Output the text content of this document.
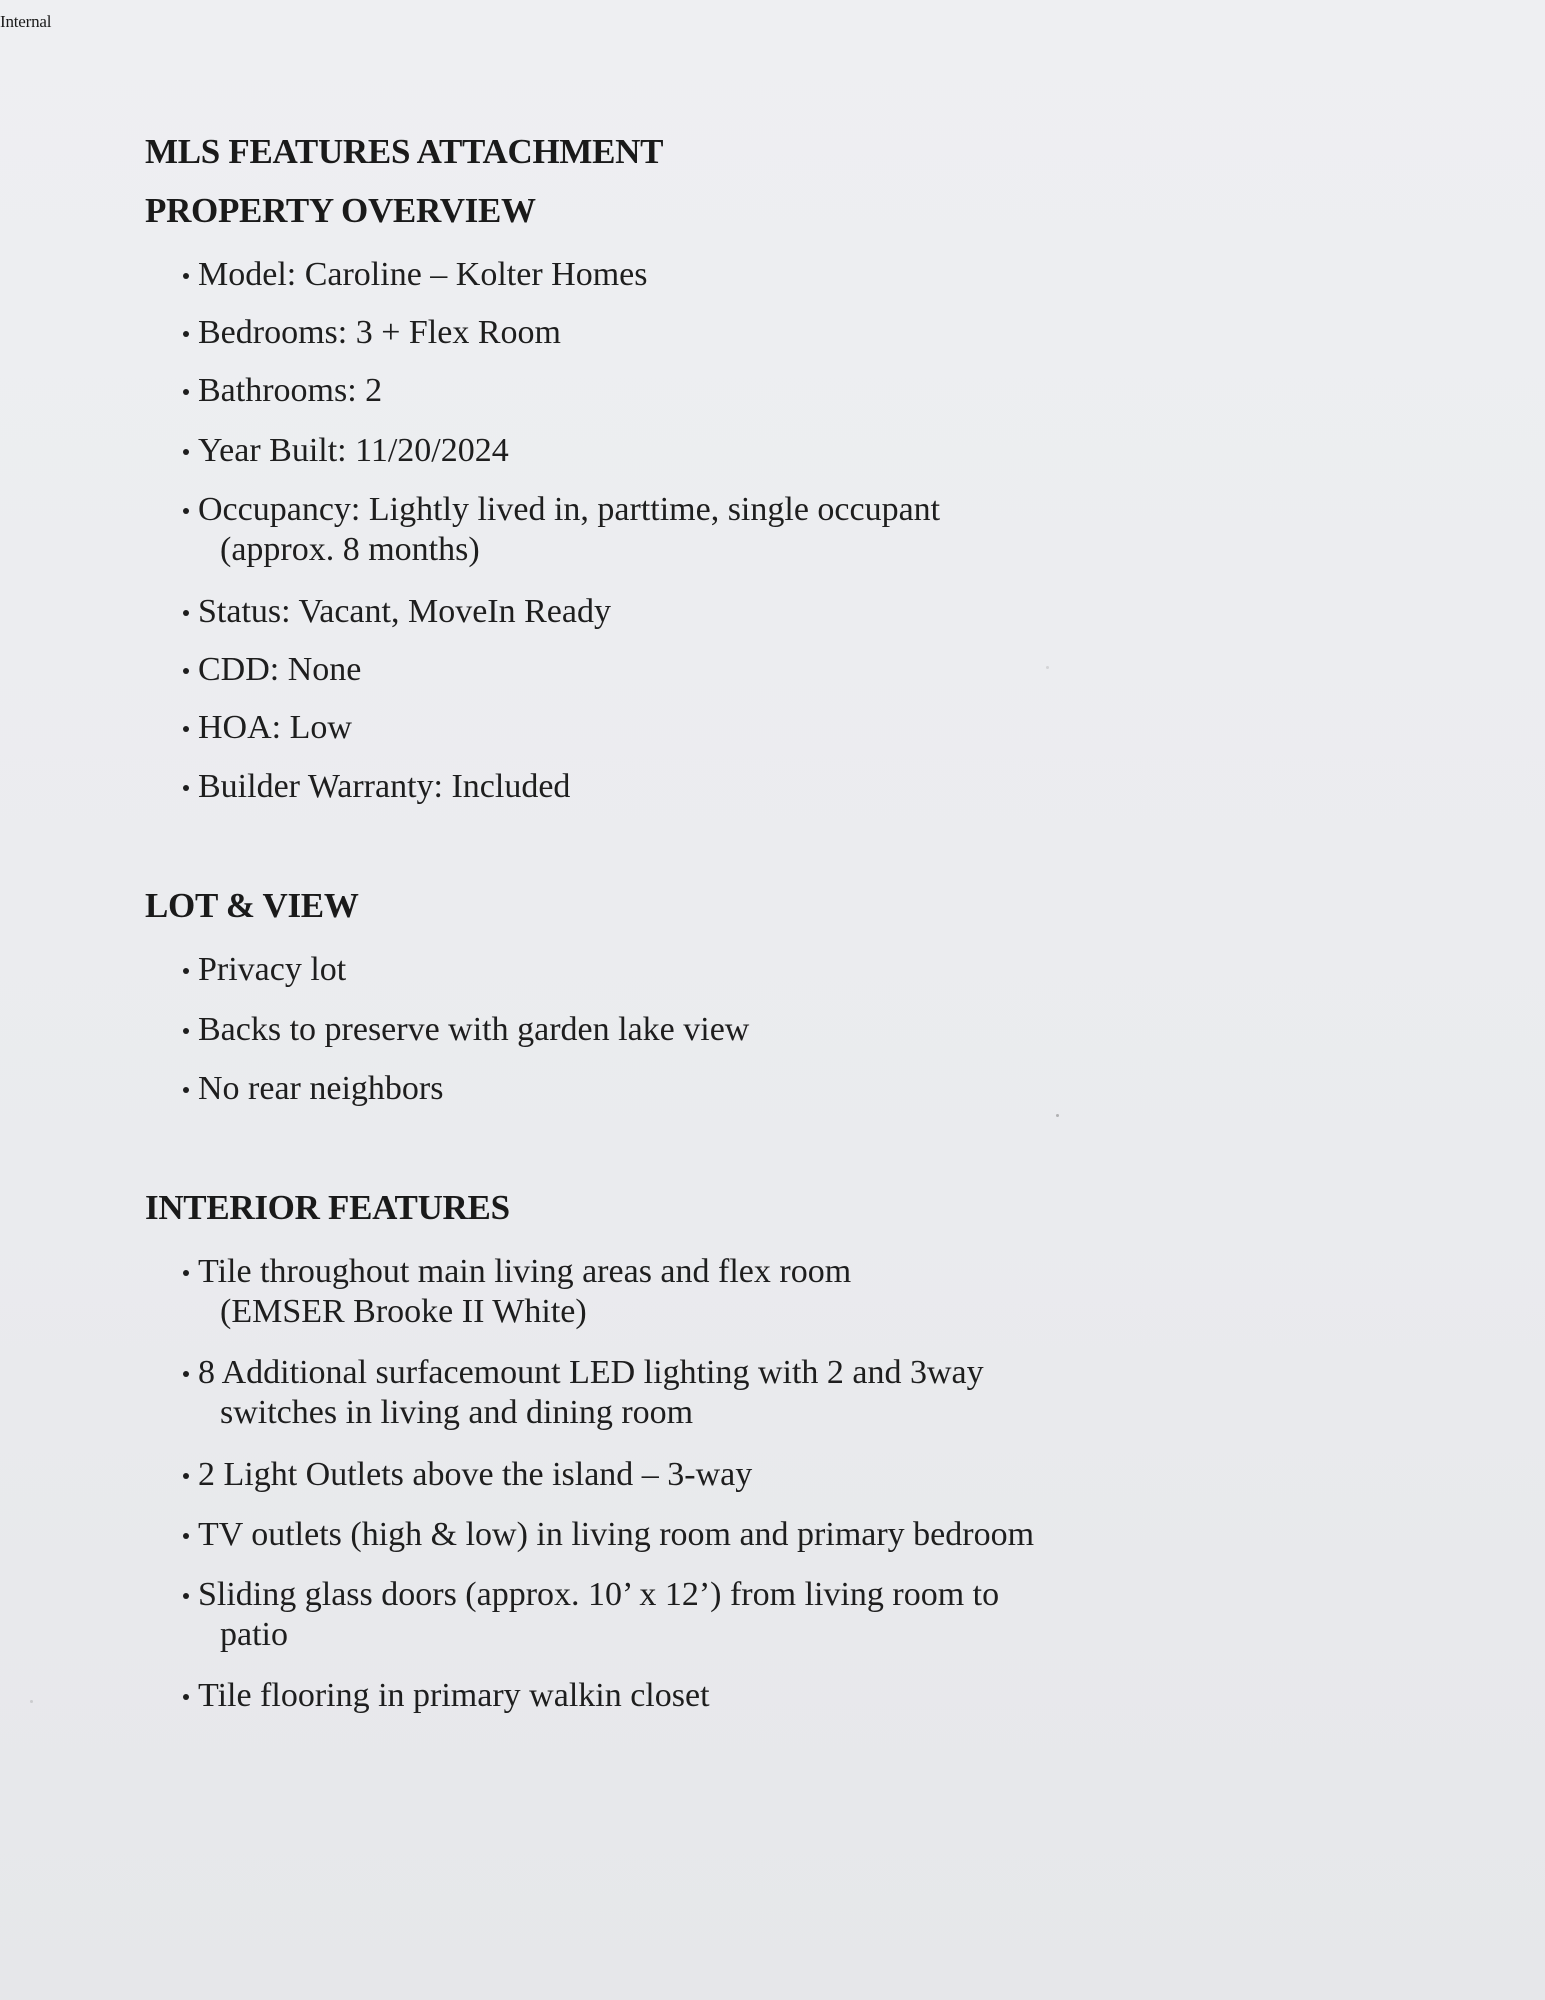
Internal
MLS FEATURES ATTACHMENT
PROPERTY OVERVIEW
Model: Caroline – Kolter Homes
Bedrooms: 3 + Flex Room
Bathrooms: 2
Year Built: 11/20/2024
Occupancy: Lightly lived in, parttime, single occupant
(approx. 8 months)
Status: Vacant, MoveIn Ready
CDD: None
HOA: Low
Builder Warranty: Included
LOT & VIEW
Privacy lot
Backs to preserve with garden lake view
No rear neighbors
INTERIOR FEATURES
Tile throughout main living areas and flex room
(EMSER Brooke II White)
8 Additional surfacemount LED lighting with 2 and 3way
switches in living and dining room
2 Light Outlets above the island – 3-way
TV outlets (high & low) in living room and primary bedroom
Sliding glass doors (approx. 10’ x 12’) from living room to
patio
Tile flooring in primary walkin closet
